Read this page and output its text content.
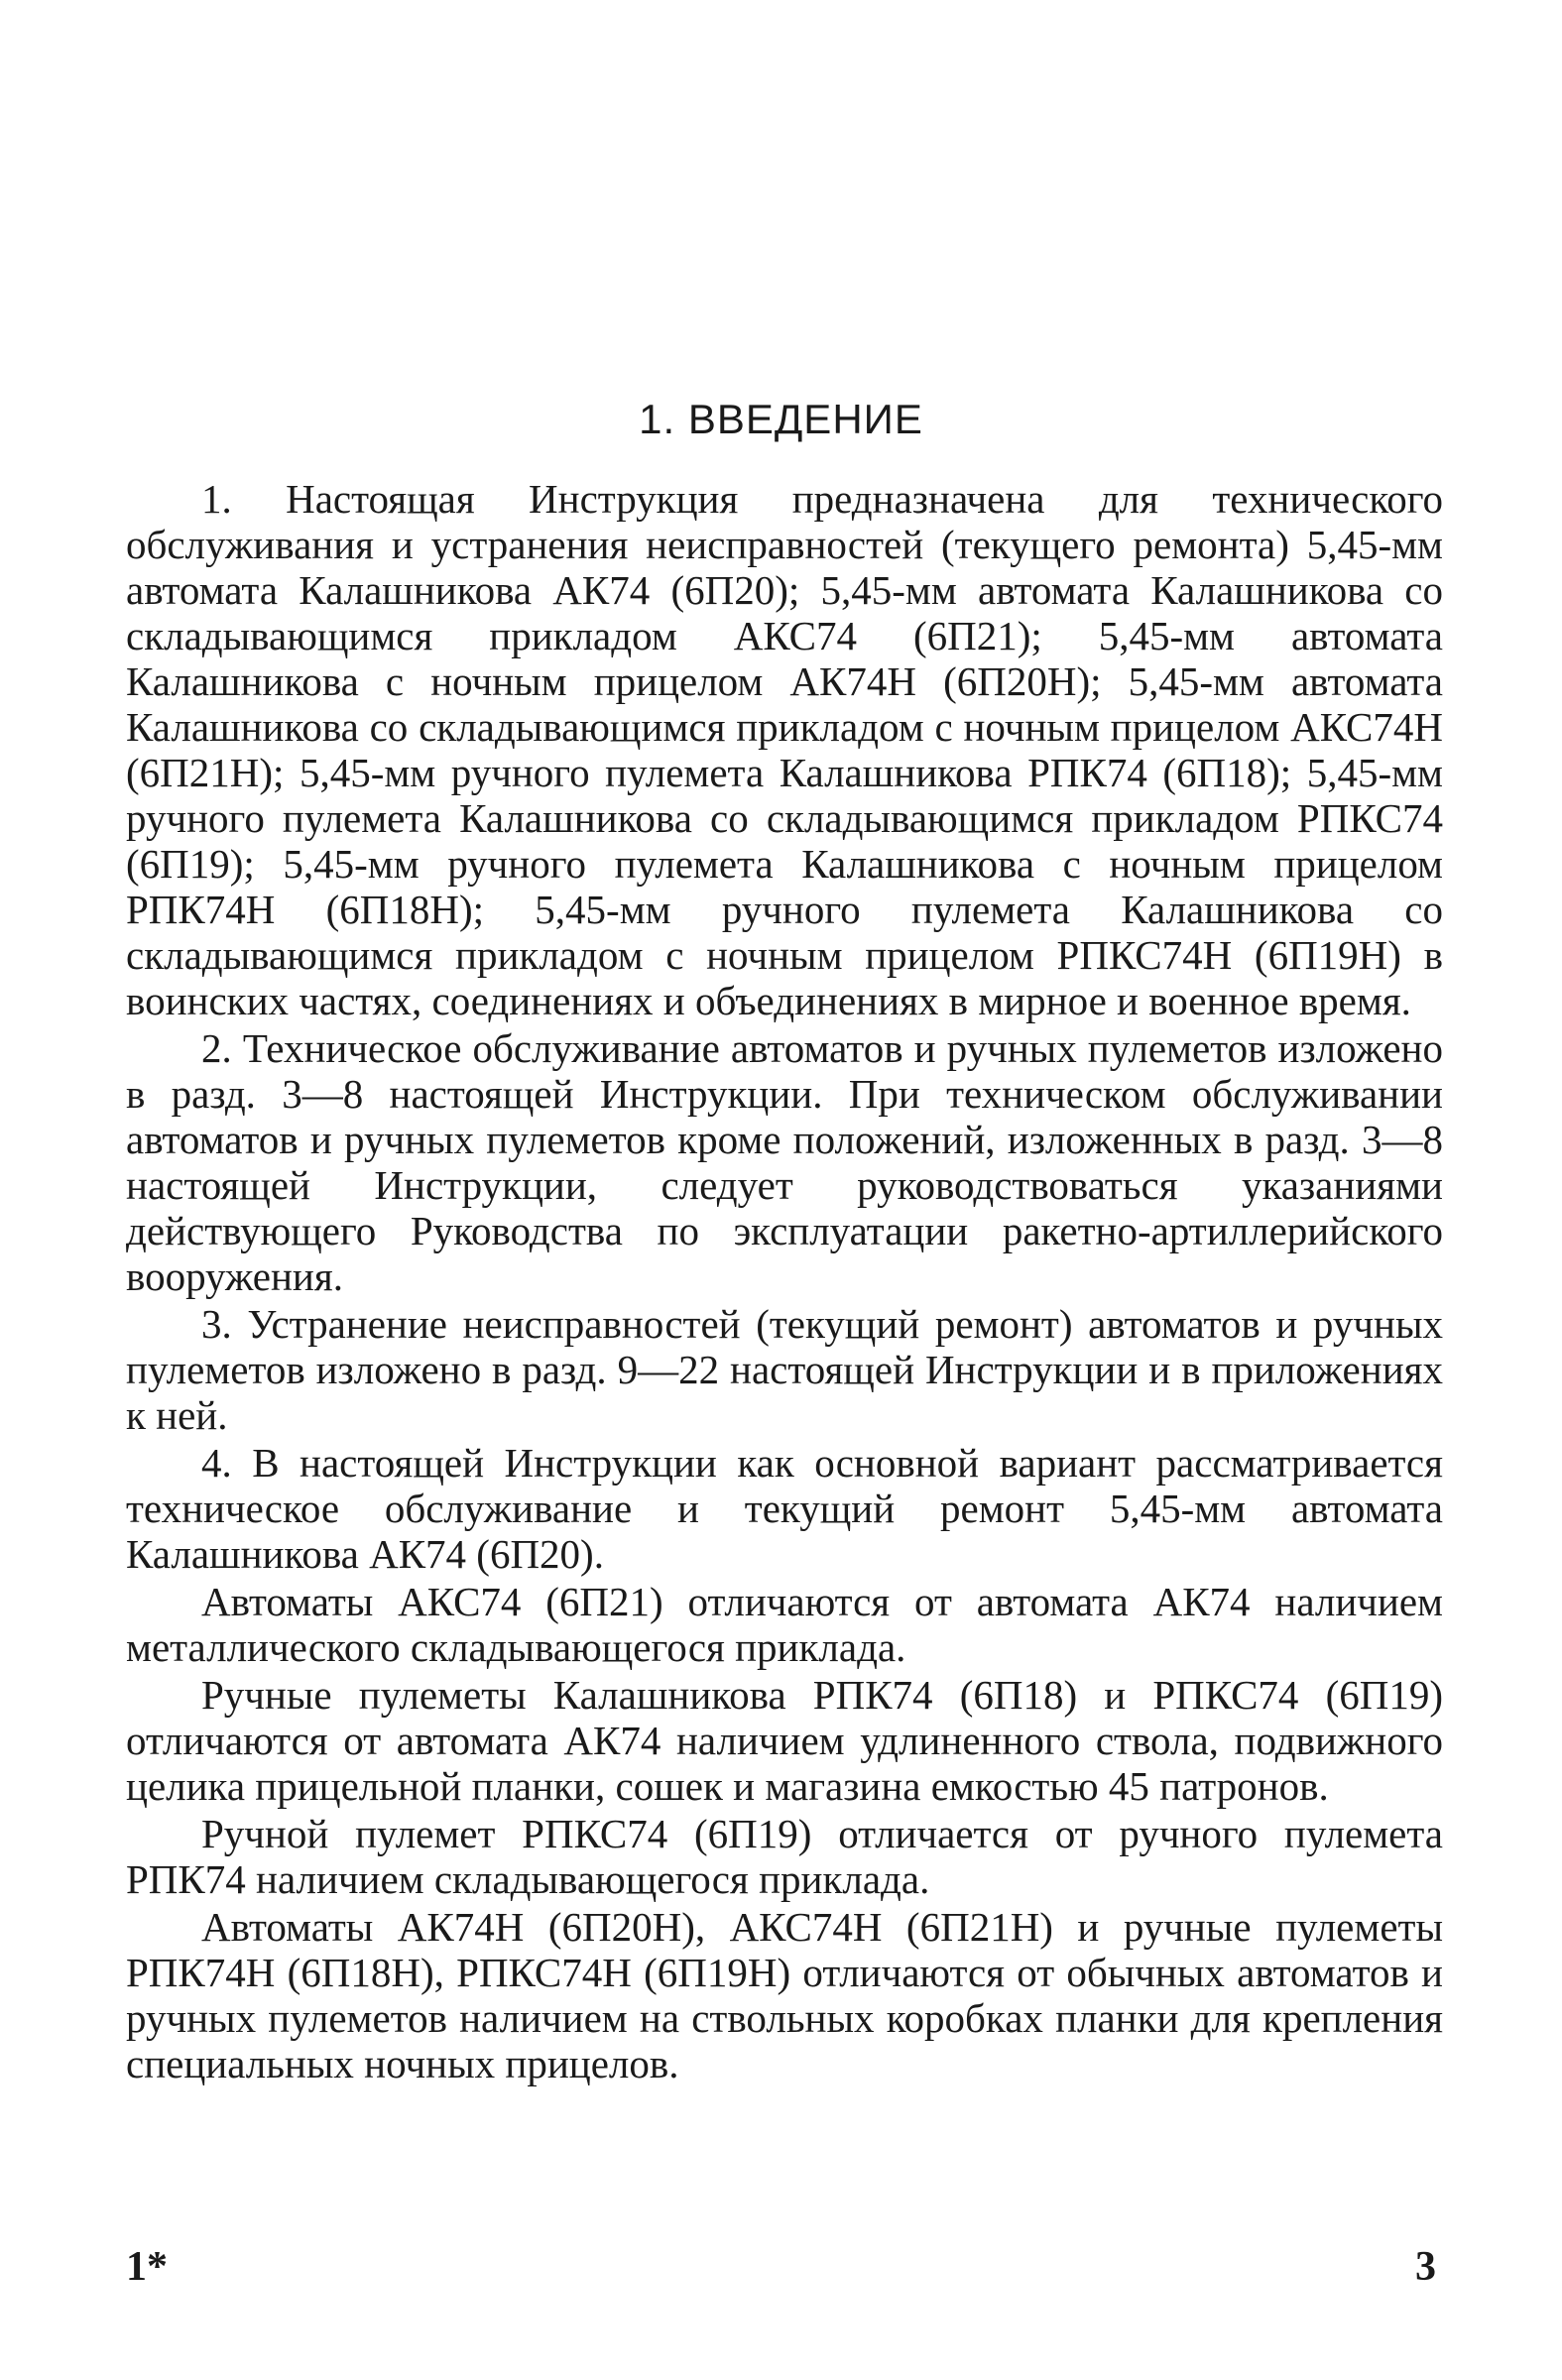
1. ВВЕДЕНИЕ

1. Настоящая Инструкция предназначена для технического обслуживания и устранения неисправностей (текущего ремонта) 5,45-мм автомата Калашникова АК74 (6П20); 5,45-мм автомата Калашникова со складывающимся прикладом АКС74 (6П21); 5,45-мм автомата Калашникова с ночным прицелом АК74Н (6П20Н); 5,45-мм автомата Калашникова со складывающимся прикладом с ночным прицелом АКС74Н (6П21Н); 5,45-мм ручного пулемета Калашникова РПК74 (6П18); 5,45-мм ручного пулемета Калашникова со складывающимся прикладом РПКС74 (6П19); 5,45-мм ручного пулемета Калашникова с ночным прицелом РПК74Н (6П18Н); 5,45-мм ручного пулемета Калашникова со складывающимся прикладом с ночным прицелом РПКС74Н (6П19Н) в воинских частях, соединениях и объединениях в мирное и военное время.

2. Техническое обслуживание автоматов и ручных пулеметов изложено в разд. 3—8 настоящей Инструкции. При техническом обслуживании автоматов и ручных пулеметов кроме положений, изложенных в разд. 3—8 настоящей Инструкции, следует руководствоваться указаниями действующего Руководства по эксплуатации ракетно-артиллерийского вооружения.

3. Устранение неисправностей (текущий ремонт) автоматов и ручных пулеметов изложено в разд. 9—22 настоящей Инструкции и в приложениях к ней.

4. В настоящей Инструкции как основной вариант рассматривается техническое обслуживание и текущий ремонт 5,45-мм автомата Калашникова АК74 (6П20).

Автоматы АКС74 (6П21) отличаются от автомата АК74 наличием металлического складывающегося приклада.

Ручные пулеметы Калашникова РПК74 (6П18) и РПКС74 (6П19) отличаются от автомата АК74 наличием удлиненного ствола, подвижного целика прицельной планки, сошек и магазина емкостью 45 патронов.

Ручной пулемет РПКС74 (6П19) отличается от ручного пулемета РПК74 наличием складывающегося приклада.

Автоматы АК74Н (6П20Н), АКС74Н (6П21Н) и ручные пулеметы РПК74Н (6П18Н), РПКС74Н (6П19Н) отличаются от обычных автоматов и ручных пулеметов наличием на ствольных коробках планки для крепления специальных ночных прицелов.

1*	3
